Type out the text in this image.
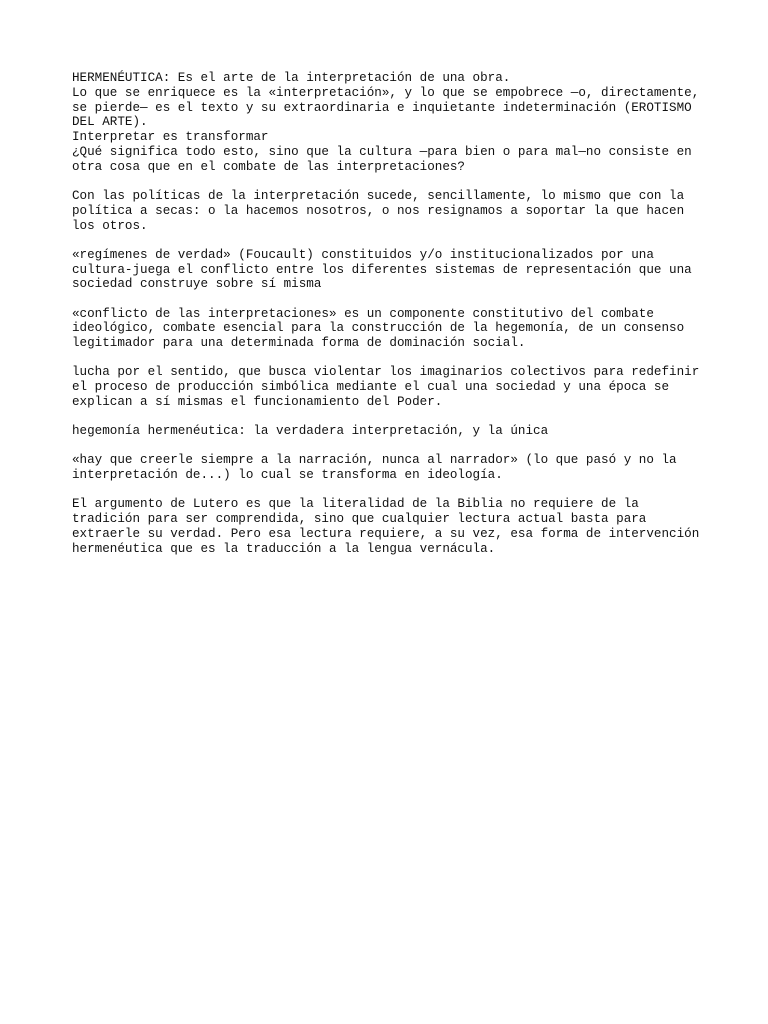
HERMENÉUTICA: Es el arte de la interpretación de una obra.
Lo que se enriquece es la «interpretación», y lo que se empobrece —o, directamente,
se pierde— es el texto y su extraordinaria e inquietante indeterminación (EROTISMO
DEL ARTE).
Interpretar es transformar
¿Qué significa todo esto, sino que la cultura —para bien o para mal—no consiste en
otra cosa que en el combate de las interpretaciones?
Con las políticas de la interpretación sucede, sencillamente, lo mismo que con la
política a secas: o la hacemos nosotros, o nos resignamos a soportar la que hacen
los otros.
«regímenes de verdad» (Foucault) constituidos y/o institucionalizados por una
cultura-juega el conflicto entre los diferentes sistemas de representación que una
sociedad construye sobre sí misma
«conflicto de las interpretaciones» es un componente constitutivo del combate
ideológico, combate esencial para la construcción de la hegemonía, de un consenso
legitimador para una determinada forma de dominación social.
lucha por el sentido, que busca violentar los imaginarios colectivos para redefinir
el proceso de producción simbólica mediante el cual una sociedad y una época se
explican a sí mismas el funcionamiento del Poder.
hegemonía hermenéutica: la verdadera interpretación, y la única
«hay que creerle siempre a la narración, nunca al narrador» (lo que pasó y no la
interpretación de...) lo cual se transforma en ideología.
El argumento de Lutero es que la literalidad de la Biblia no requiere de la
tradición para ser comprendida, sino que cualquier lectura actual basta para
extraerle su verdad. Pero esa lectura requiere, a su vez, esa forma de intervención
hermenéutica que es la traducción a la lengua vernácula.
